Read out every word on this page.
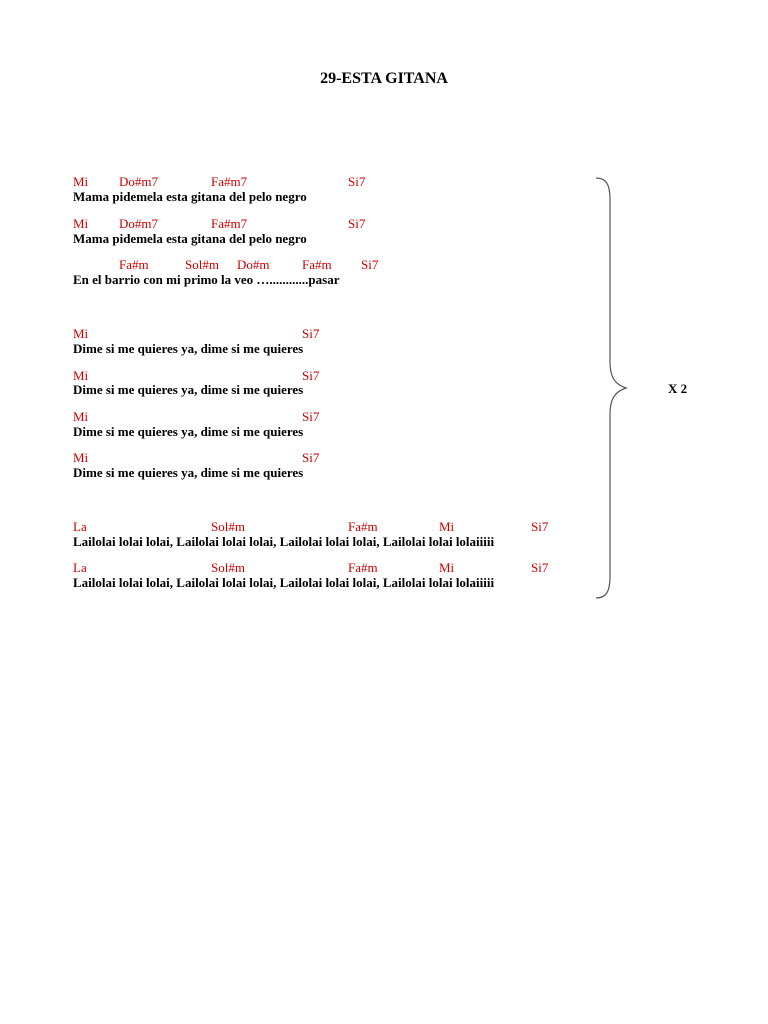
29-ESTA GITANA
Mi Do#m7	Fa#m7	Si7
Mama pidemela esta gitana del pelo negro
Mi Do#m7	Fa#m7	Si7
Mama pidemela esta gitana del pelo negro
Fa#m	Sol#m Do#m	Fa#m Si7
En el barrio con mi primo la veo …............pasar
Mi	Si7
Dime si me quieres ya, dime si me quieres
Mi	Si7
Dime si me quieres ya, dime si me quieres
Mi	Si7
Dime si me quieres ya, dime si me quieres
Mi	Si7
Dime si me quieres ya, dime si me quieres
La	Sol#m	Fa#m	Mi	Si7
Lailolai lolai lolai, Lailolai lolai lolai, Lailolai lolai lolai, Lailolai lolai lolaiiiii
La	Sol#m	Fa#m	Mi	Si7
Lailolai lolai lolai, Lailolai lolai lolai, Lailolai lolai lolai, Lailolai lolai lolaiiiii
X 2
